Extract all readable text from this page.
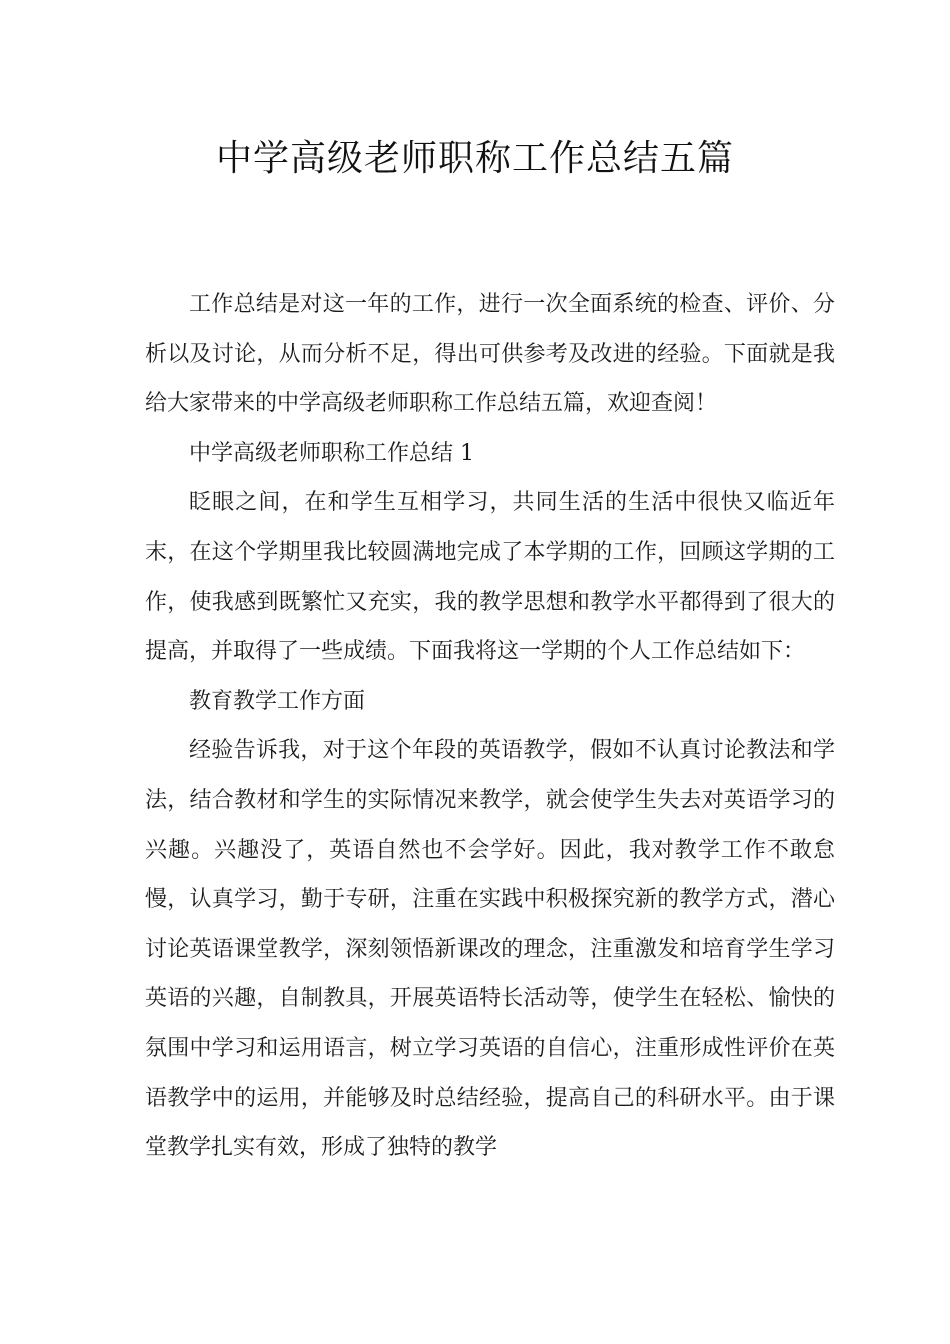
中学高级老师职称工作总结五篇

工作总结是对这一年的工作，进行一次全面系统的检查、评价、分析以及讨论，从而分析不足，得出可供参考及改进的经验。下面就是我给大家带来的中学高级老师职称工作总结五篇，欢迎查阅！

中学高级老师职称工作总结 1

眨眼之间，在和学生互相学习，共同生活的生活中很快又临近年末，在这个学期里我比较圆满地完成了本学期的工作，回顾这学期的工作，使我感到既繁忙又充实，我的教学思想和教学水平都得到了很大的提高，并取得了一些成绩。下面我将这一学期的个人工作总结如下：

教育教学工作方面

经验告诉我，对于这个年段的英语教学，假如不认真讨论教法和学法，结合教材和学生的实际情况来教学，就会使学生失去对英语学习的兴趣。兴趣没了，英语自然也不会学好。因此，我对教学工作不敢怠慢，认真学习，勤于专研，注重在实践中积极探究新的教学方式，潜心讨论英语课堂教学，深刻领悟新课改的理念，注重激发和培育学生学习英语的兴趣，自制教具，开展英语特长活动等，使学生在轻松、愉快的氛围中学习和运用语言，树立学习英语的自信心，注重形成性评价在英语教学中的运用，并能够及时总结经验，提高自己的科研水平。由于课堂教学扎实有效，形成了独特的教学
